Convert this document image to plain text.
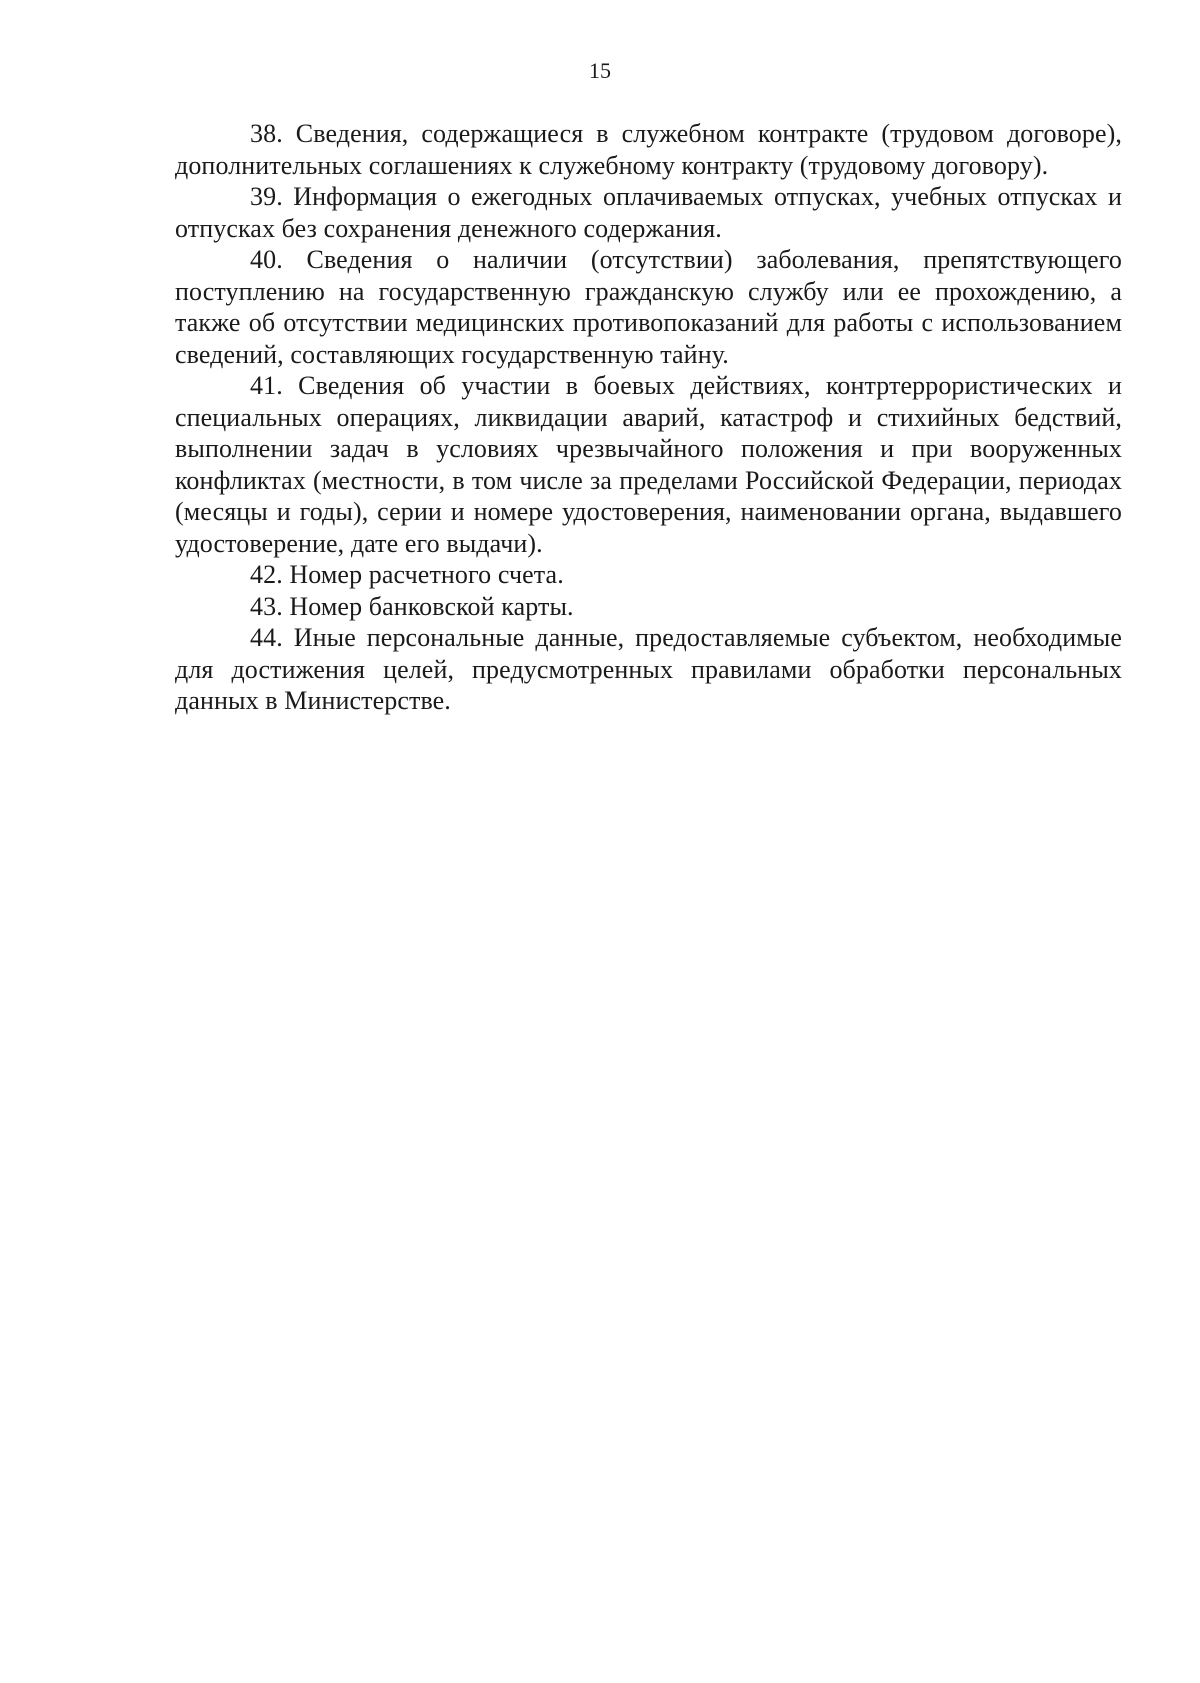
15

38. Сведения, содержащиеся в служебном контракте (трудовом договоре), дополнительных соглашениях к служебному контракту (трудовому договору).

39. Информация о ежегодных оплачиваемых отпусках, учебных отпусках и отпусках без сохранения денежного содержания.

40. Сведения о наличии (отсутствии) заболевания, препятствующего поступлению на государственную гражданскую службу или ее прохождению, а также об отсутствии медицинских противопоказаний для работы с использованием сведений, составляющих государственную тайну.

41. Сведения об участии в боевых действиях, контртеррористических и специальных операциях, ликвидации аварий, катастроф и стихийных бедствий, выполнении задач в условиях чрезвычайного положения и при вооруженных конфликтах (местности, в том числе за пределами Российской Федерации, периодах (месяцы и годы), серии и номере удостоверения, наименовании органа, выдавшего удостоверение, дате его выдачи).

42. Номер расчетного счета.

43. Номер банковской карты.

44. Иные персональные данные, предоставляемые субъектом, необходимые для достижения целей, предусмотренных правилами обработки персональных данных в Министерстве.
